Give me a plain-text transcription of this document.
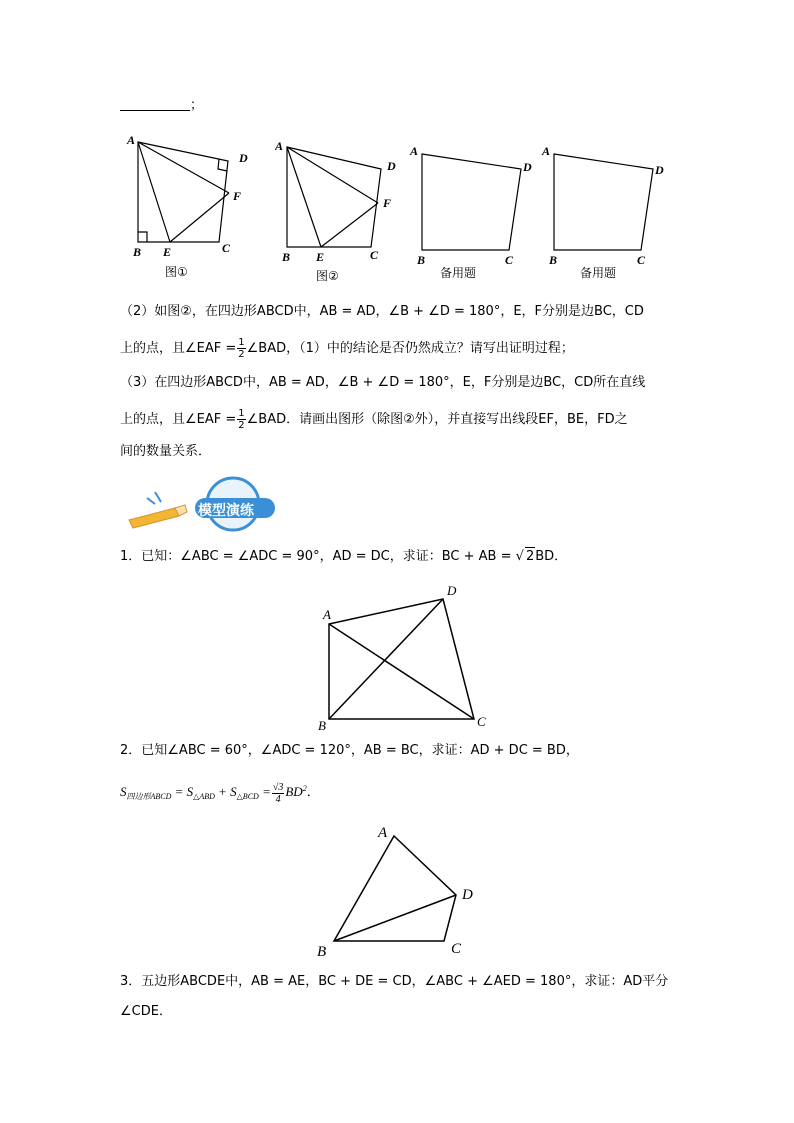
；
A
D
F
B E	C
图①
A
D
F
B E	C
图②
A
D
B	C
备用题
A
D
B	C
备用题
（2）如图②，在四边形ABCD中，AB = AD，∠B + ∠D = 180°，E，F分别是边BC，CD
上的点，且∠EAF = $\frac{1}{2}$ ∠BAD，（1）中的结论是否仍然成立？请写出证明过程；
（3）在四边形ABCD中，AB = AD，∠B + ∠D = 180°，E，F分别是边BC，CD所在直线
上的点，且∠EAF = $\frac{1}{2}$ ∠BAD．请画出图形（除图②外），并直接写出线段EF，BE，FD之
间的数量关系．
模型演练
1．已知：∠ABC = ∠ADC = 90°，AD = DC，求证：BC + AB = √ 2BD．
A
D
B	C
2．已知∠ABC = 60°，∠ADC = 120°，AB = BC，求证：AD + DC = BD，
$S_{四边形ABCD} = S_{\triangle ABD} + S_{\triangle BCD} = \frac{√3}{4} BD^2$．
A
D
B	C
3．五边形ABCDE中，AB = AE，BC + DE = CD，∠ABC + ∠AED = 180°，求证：AD平分
∠CDE．
